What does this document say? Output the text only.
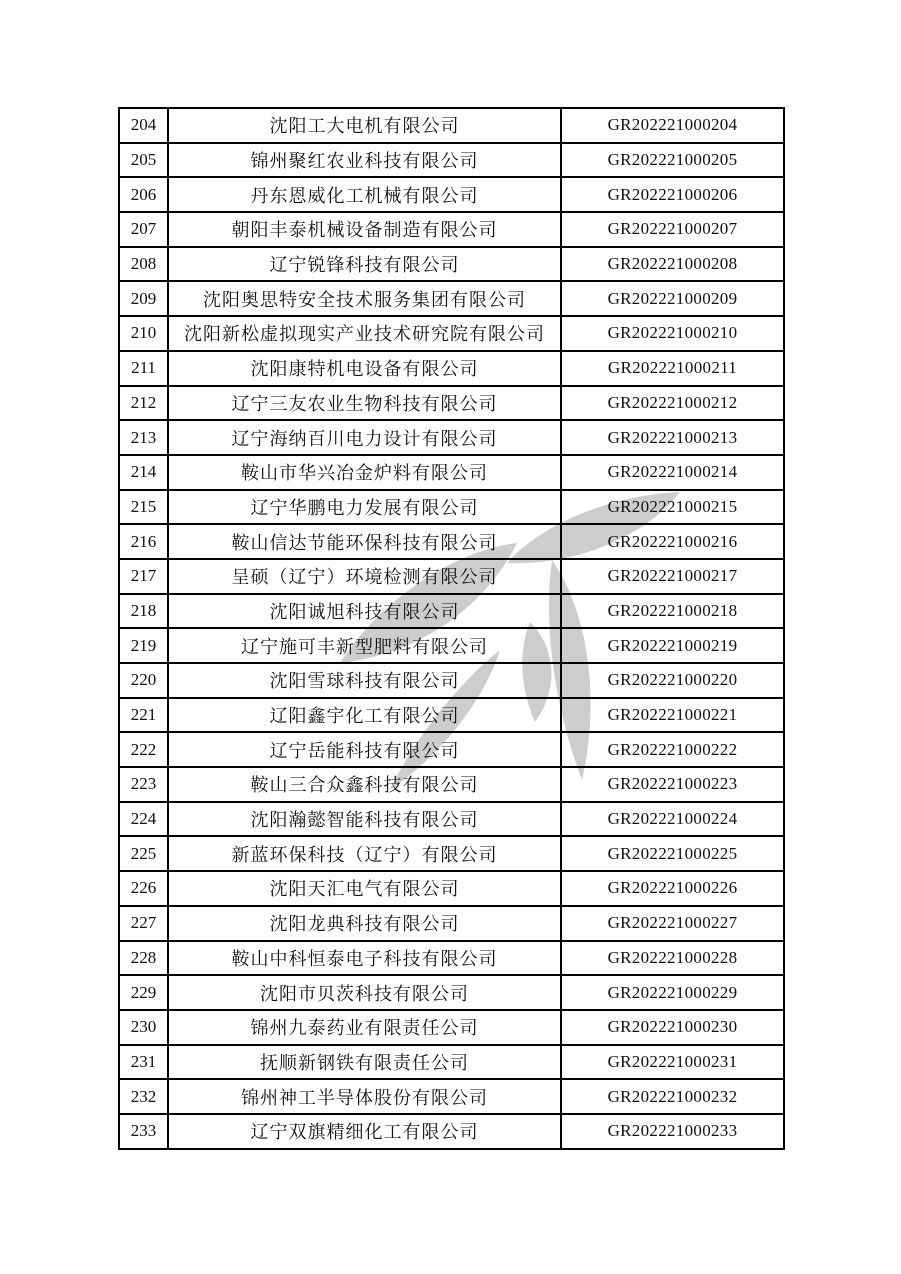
204	沈阳工大电机有限公司	GR202221000204
205	锦州聚红农业科技有限公司	GR202221000205
206	丹东恩威化工机械有限公司	GR202221000206
207	朝阳丰泰机械设备制造有限公司	GR202221000207
208	辽宁锐锋科技有限公司	GR202221000208
209	沈阳奥思特安全技术服务集团有限公司	GR202221000209
210	沈阳新松虚拟现实产业技术研究院有限公司	GR202221000210
211	沈阳康特机电设备有限公司	GR202221000211
212	辽宁三友农业生物科技有限公司	GR202221000212
213	辽宁海纳百川电力设计有限公司	GR202221000213
214	鞍山市华兴冶金炉料有限公司	GR202221000214
215	辽宁华鹏电力发展有限公司	GR202221000215
216	鞍山信达节能环保科技有限公司	GR202221000216
217	呈硕（辽宁）环境检测有限公司	GR202221000217
218	沈阳诚旭科技有限公司	GR202221000218
219	辽宁施可丰新型肥料有限公司	GR202221000219
220	沈阳雪球科技有限公司	GR202221000220
221	辽阳鑫宇化工有限公司	GR202221000221
222	辽宁岳能科技有限公司	GR202221000222
223	鞍山三合众鑫科技有限公司	GR202221000223
224	沈阳瀚懿智能科技有限公司	GR202221000224
225	新蓝环保科技（辽宁）有限公司	GR202221000225
226	沈阳天汇电气有限公司	GR202221000226
227	沈阳龙典科技有限公司	GR202221000227
228	鞍山中科恒泰电子科技有限公司	GR202221000228
229	沈阳市贝茨科技有限公司	GR202221000229
230	锦州九泰药业有限责任公司	GR202221000230
231	抚顺新钢铁有限责任公司	GR202221000231
232	锦州神工半导体股份有限公司	GR202221000232
233	辽宁双旗精细化工有限公司	GR202221000233
